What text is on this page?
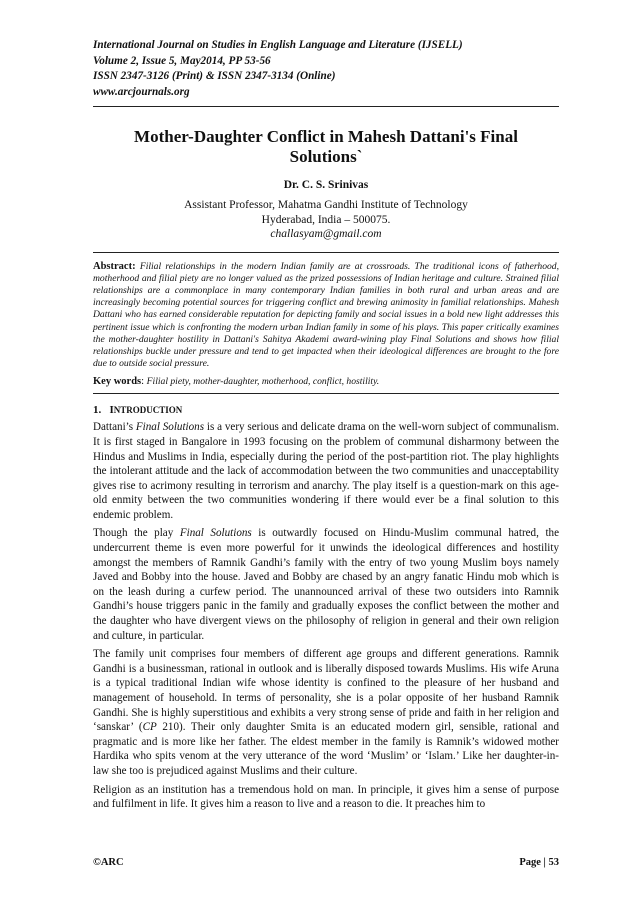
International Journal on Studies in English Language and Literature (IJSELL)
Volume 2, Issue 5, May2014, PP 53-56
ISSN 2347-3126 (Print) & ISSN 2347-3134 (Online)
www.arcjournals.org
Mother-Daughter Conflict in Mahesh Dattani's Final
Solutions`
Dr. C. S. Srinivas
Assistant Professor, Mahatma Gandhi Institute of Technology
Hyderabad, India – 500075.
challasyam@gmail.com
Abstract: Filial relationships in the modern Indian family are at crossroads. The traditional icons of fatherhood, motherhood and filial piety are no longer valued as the prized possessions of Indian heritage and culture. Strained filial relationships are a commonplace in many contemporary Indian families in both rural and urban areas and are increasingly becoming potential sources for triggering conflict and brewing animosity in familial relationships. Mahesh Dattani who has earned considerable reputation for depicting family and social issues in a bold new light addresses this pertinent issue which is confronting the modern urban Indian family in some of his plays. This paper critically examines the mother-daughter hostility in Dattani's Sahitya Akademi award-wining play Final Solutions and shows how filial relationships buckle under pressure and tend to get impacted when their ideological differences are brought to the fore due to outside social pressure.
Key words: Filial piety, mother-daughter, motherhood, conflict, hostility.
1. INTRODUCTION

Dattani’s Final Solutions is a very serious and delicate drama on the well-worn subject of communalism. It is first staged in Bangalore in 1993 focusing on the problem of communal disharmony between the Hindus and Muslims in India, especially during the period of the post-partition riot. The play highlights the intolerant attitude and the lack of accommodation between the two communities and unacceptability gives rise to acrimony resulting in terrorism and anarchy. The play itself is a question-mark on this age-old enmity between the two communities wondering if there would ever be a final solution to this endemic problem.

Though the play Final Solutions is outwardly focused on Hindu-Muslim communal hatred, the undercurrent theme is even more powerful for it unwinds the ideological differences and hostility amongst the members of Ramnik Gandhi’s family with the entry of two young Muslim boys namely Javed and Bobby into the house. Javed and Bobby are chased by an angry fanatic Hindu mob which is on the leash during a curfew period. The unannounced arrival of these two outsiders into Ramnik Gandhi’s house triggers panic in the family and gradually exposes the conflict between the mother and the daughter who have divergent views on the philosophy of religion in general and their own religion and culture, in particular.

The family unit comprises four members of different age groups and different generations. Ramnik Gandhi is a businessman, rational in outlook and is liberally disposed towards Muslims. His wife Aruna is a typical traditional Indian wife whose identity is confined to the pleasure of her husband and management of household. In terms of personality, she is a polar opposite of her husband Ramnik Gandhi. She is highly superstitious and exhibits a very strong sense of pride and faith in her religion and ‘sanskar’ (CP 210). Their only daughter Smita is an educated modern girl, sensible, rational and pragmatic and is more like her father. The eldest member in the family is Ramnik’s widowed mother Hardika who spits venom at the very utterance of the word ‘Muslim’ or ‘Islam.’ Like her daughter-in-law she too is prejudiced against Muslims and their culture.

Religion as an institution has a tremendous hold on man. In principle, it gives him a sense of purpose and fulfilment in life. It gives him a reason to live and a reason to die. It preaches him to

©ARC	Page | 53
